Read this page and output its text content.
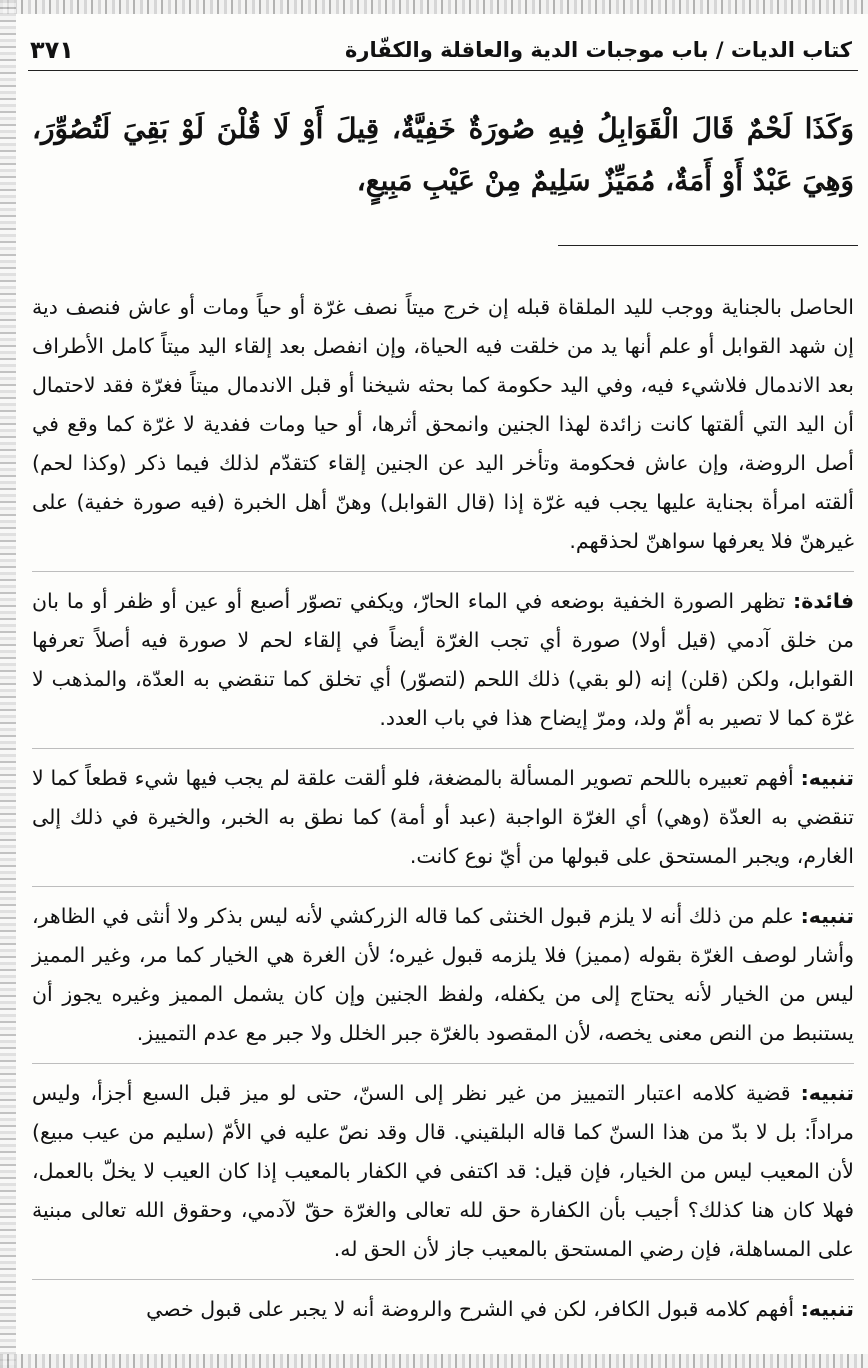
كتاب الديات / باب موجبات الدية والعاقلة والكفّارة
٣٧١
وَكَذَا لَحْمٌ قَالَ الْقَوَابِلُ فِيهِ صُورَةٌ خَفِيَّةٌ، قِيلَ أَوْ لَا قُلْنَ لَوْ بَقِيَ لَتُصُوِّرَ، وَهِيَ عَبْدٌ أَوْ أَمَةٌ، مُمَيِّزٌ سَلِيمٌ مِنْ عَيْبِ مَبِيعٍ،

الحاصل بالجناية ووجب لليد الملقاة قبله إن خرج ميتاً نصف غرّة أو حياً ومات أو عاش فنصف دية إن شهد القوابل أو علم أنها يد من خلقت فيه الحياة، وإن انفصل بعد إلقاء اليد ميتاً كامل الأطراف بعد الاندمال فلاشيء فيه، وفي اليد حكومة كما بحثه شيخنا أو قبل الاندمال ميتاً فغرّة فقد لاحتمال أن اليد التي ألقتها كانت زائدة لهذا الجنين وانمحق أثرها، أو حيا ومات ففدية لا غرّة كما وقع في أصل الروضة، وإن عاش فحكومة وتأخر اليد عن الجنين إلقاء كتقدّم لذلك فيما ذكر (وكذا لحم) ألقته امرأة بجناية عليها يجب فيه غرّة إذا (قال القوابل) وهنّ أهل الخبرة (فيه صورة خفية) على غيرهنّ فلا يعرفها سواهنّ لحذقهم.

فائدة: تظهر الصورة الخفية بوضعه في الماء الحارّ، ويكفي تصوّر أصبع أو عين أو ظفر أو ما بان من خلق آدمي (قيل أولا) صورة أي تجب الغرّة أيضاً في إلقاء لحم لا صورة فيه أصلاً تعرفها القوابل، ولكن (قلن) إنه (لو بقي) ذلك اللحم (لتصوّر) أي تخلق كما تنقضي به العدّة، والمذهب لا غرّة كما لا تصير به أمّ ولد، ومرّ إيضاح هذا في باب العدد.

تنبيه: أفهم تعبيره باللحم تصوير المسألة بالمضغة، فلو ألقت علقة لم يجب فيها شيء قطعاً كما لا تنقضي به العدّة (وهي) أي الغرّة الواجبة (عبد أو أمة) كما نطق به الخبر، والخيرة في ذلك إلى الغارم، ويجبر المستحق على قبولها من أيّ نوع كانت.

تنبيه: علم من ذلك أنه لا يلزم قبول الخنثى كما قاله الزركشي لأنه ليس بذكر ولا أنثى في الظاهر، وأشار لوصف الغرّة بقوله (مميز) فلا يلزمه قبول غيره؛ لأن الغرة هي الخيار كما مر، وغير المميز ليس من الخيار لأنه يحتاج إلى من يكفله، ولفظ الجنين وإن كان يشمل المميز وغيره يجوز أن يستنبط من النص معنى يخصه، لأن المقصود بالغرّة جبر الخلل ولا جبر مع عدم التمييز.

تنبيه: قضية كلامه اعتبار التمييز من غير نظر إلى السنّ، حتى لو ميز قبل السبع أجزأ، وليس مراداً: بل لا بدّ من هذا السنّ كما قاله البلقيني. قال وقد نصّ عليه في الأمّ (سليم من عيب مبيع) لأن المعيب ليس من الخيار، فإن قيل: قد اكتفى في الكفار بالمعيب إذا كان العيب لا يخلّ بالعمل، فهلا كان هنا كذلك؟ أجيب بأن الكفارة حق لله تعالى والغرّة حقّ لآدمي، وحقوق الله تعالى مبنية على المساهلة، فإن رضي المستحق بالمعيب جاز لأن الحق له.

تنبيه: أفهم كلامه قبول الكافر، لكن في الشرح والروضة أنه لا يجبر على قبول خصي
